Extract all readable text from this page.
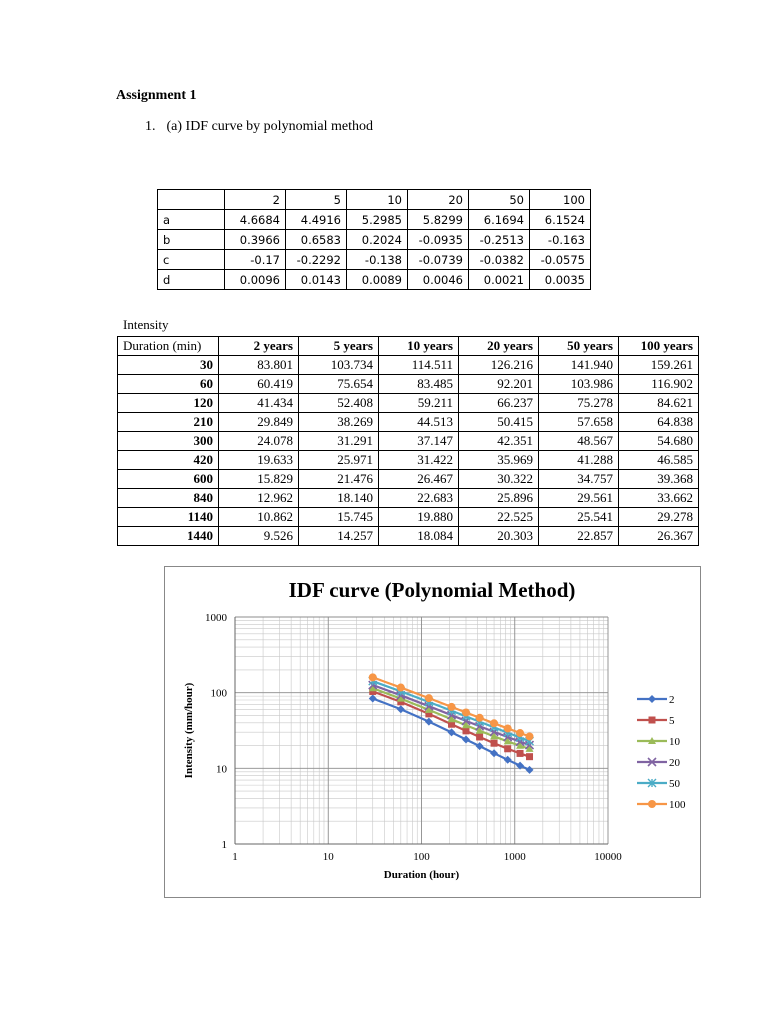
Assignment 1
1. (a) IDF curve by polynomial method
	2	5	10	20	50	100
a	4.6684	4.4916	5.2985	5.8299	6.1694	6.1524
b	0.3966	0.6583	0.2024	-0.0935	-0.2513	-0.163
c	-0.17	-0.2292	-0.138	-0.0739	-0.0382	-0.0575
d	0.0096	0.0143	0.0089	0.0046	0.0021	0.0035
Intensity
Duration (min)	2 years	5 years	10 years	20 years	50 years	100 years
30	83.801	103.734	114.511	126.216	141.940	159.261
60	60.419	75.654	83.485	92.201	103.986	116.902
120	41.434	52.408	59.211	66.237	75.278	84.621
210	29.849	38.269	44.513	50.415	57.658	64.838
300	24.078	31.291	37.147	42.351	48.567	54.680
420	19.633	25.971	31.422	35.969	41.288	46.585
600	15.829	21.476	26.467	30.322	34.757	39.368
840	12.962	18.140	22.683	25.896	29.561	33.662
1140	10.862	15.745	19.880	22.525	25.541	29.278
1440	9.526	14.257	18.084	20.303	22.857	26.367
IDF curve (Polynomial Method)
1	10	100	1000	10000
1
10
100
1000
Duration (hour)
Intensity (mm/hour)	2
5
10
20
50
100
